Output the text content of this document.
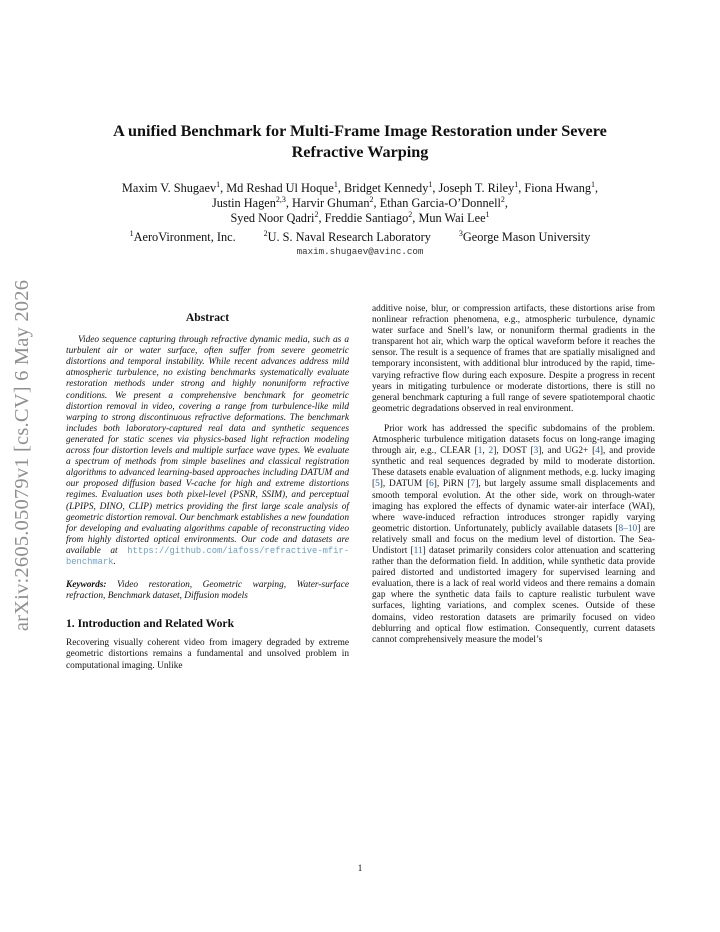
arXiv:2605.05079v1 [cs.CV] 6 May 2026
A unified Benchmark for Multi-Frame Image Restoration under Severe
Refractive Warping
Maxim V. Shugaev$^1$, Md Reshad Ul Hoque$^1$, Bridget Kennedy$^1$, Joseph T. Riley$^1$, Fiona Hwang$^1$,
Justin Hagen$^{2,3}$, Harvir Ghuman$^2$, Ethan Garcia-O’Donnell$^2$,
Syed Noor Qadri$^2$, Freddie Santiago$^2$, Mun Wai Lee$^1$
$^1$AeroVironment, Inc.	$^2$U. S. Naval Research Laboratory	$^3$George Mason University
maxim.shugaev@avinc.com
Abstract

Video sequence capturing through refractive dynamic media, such as a turbulent air or water surface, often suffer from severe geometric distortions and temporal instability. While recent advances address mild atmospheric turbulence, no existing benchmarks systematically evaluate restoration methods under strong and highly nonuniform refractive conditions. We present a comprehensive benchmark for geometric distortion removal in video, covering a range from turbulence-like mild warping to strong discontinuous refractive deformations. The benchmark includes both laboratory-captured real data and synthetic sequences generated for static scenes via physics-based light refraction modeling across four distortion levels and multiple surface wave types. We evaluate a spectrum of methods from simple baselines and classical registration algorithms to advanced learning-based approaches including DATUM and our proposed diffusion based V-cache for high and extreme distortions regimes. Evaluation uses both pixel-level (PSNR, SSIM), and perceptual (LPIPS, DINO, CLIP) metrics providing the first large scale analysis of geometric distortion removal. Our benchmark establishes a new foundation for developing and evaluating algorithms capable of reconstructing video from highly distorted optical environments. Our code and datasets are available at https://github.com/iafoss/refractive-mfir-benchmark.

Keywords: Video restoration, Geometric warping, Water-surface refraction, Benchmark dataset, Diffusion models
1. Introduction and Related Work

Recovering visually coherent video from imagery degraded by extreme geometric distortions remains a fundamental and unsolved problem in computational imaging. Unlike

additive noise, blur, or compression artifacts, these distortions arise from nonlinear refraction phenomena, e.g., atmospheric turbulence, dynamic water surface and Snell’s law, or nonuniform thermal gradients in the transparent hot air, which warp the optical waveform before it reaches the sensor. The result is a sequence of frames that are spatially misaligned and temporary inconsistent, with additional blur introduced by the rapid, time-varying refractive flow during each exposure. Despite a progress in recent years in mitigating turbulence or moderate distortions, there is still no general benchmark capturing a full range of severe spatiotemporal chaotic geometric degradations observed in real environment.

Prior work has addressed the specific subdomains of the problem. Atmospheric turbulence mitigation datasets focus on long-range imaging through air, e.g., CLEAR [1, 2], DOST [3], and UG2+ [4], and provide synthetic and real sequences degraded by mild to moderate distortion. These datasets enable evaluation of alignment methods, e.g. lucky imaging [5], DATUM [6], PiRN [7], but largely assume small displacements and smooth temporal evolution. At the other side, work on through-water imaging has explored the effects of dynamic water-air interface (WAI), where wave-induced refraction introduces stronger rapidly varying geometric distortion. Unfortunately, publicly available datasets [8–10] are relatively small and focus on the medium level of distortion. The Sea-Undistort [11] dataset primarily considers color attenuation and scattering rather than the deformation field. In addition, while synthetic data provide paired distorted and undistorted imagery for supervised learning and evaluation, there is a lack of real world videos and there remains a domain gap where the synthetic data fails to capture realistic turbulent wave surfaces, lighting variations, and complex scenes. Outside of these domains, video restoration datasets are primarily focused on video deblurring and optical flow estimation. Consequently, current datasets cannot comprehensively measure the model’s

1
